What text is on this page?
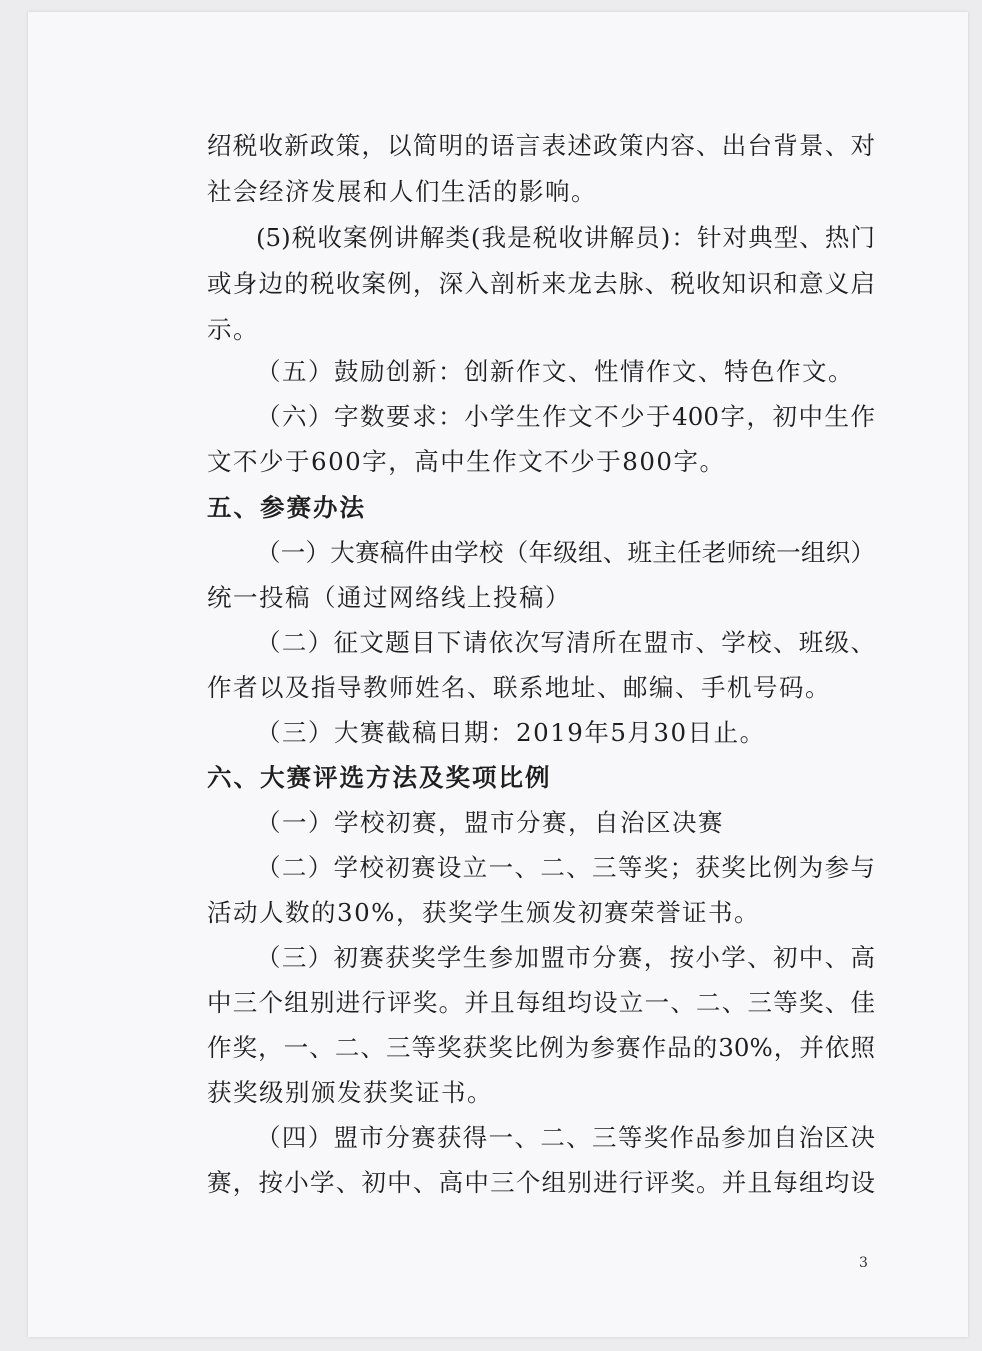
绍税收新政策，以简明的语言表述政策内容、出台背景、对
社会经济发展和人们生活的影响。
(5)税收案例讲解类(我是税收讲解员)：针对典型、热门
或身边的税收案例，深入剖析来龙去脉、税收知识和意义启
示。
（五）鼓励创新：创新作文、性情作文、特色作文。
（六）字数要求：小学生作文不少于400字，初中生作
文不少于600字，高中生作文不少于800字。
五、参赛办法
（一）大赛稿件由学校（年级组、班主任老师统一组织）
统一投稿（通过网络线上投稿）
（二）征文题目下请依次写清所在盟市、学校、班级、
作者以及指导教师姓名、联系地址、邮编、手机号码。
（三）大赛截稿日期：2019年5月30日止。
六、大赛评选方法及奖项比例
（一）学校初赛，盟市分赛，自治区决赛
（二）学校初赛设立一、二、三等奖；获奖比例为参与
活动人数的30%，获奖学生颁发初赛荣誉证书。
（三）初赛获奖学生参加盟市分赛，按小学、初中、高
中三个组别进行评奖。并且每组均设立一、二、三等奖、佳
作奖，一、二、三等奖获奖比例为参赛作品的30%，并依照
获奖级别颁发获奖证书。
（四）盟市分赛获得一、二、三等奖作品参加自治区决
赛，按小学、初中、高中三个组别进行评奖。并且每组均设
3
